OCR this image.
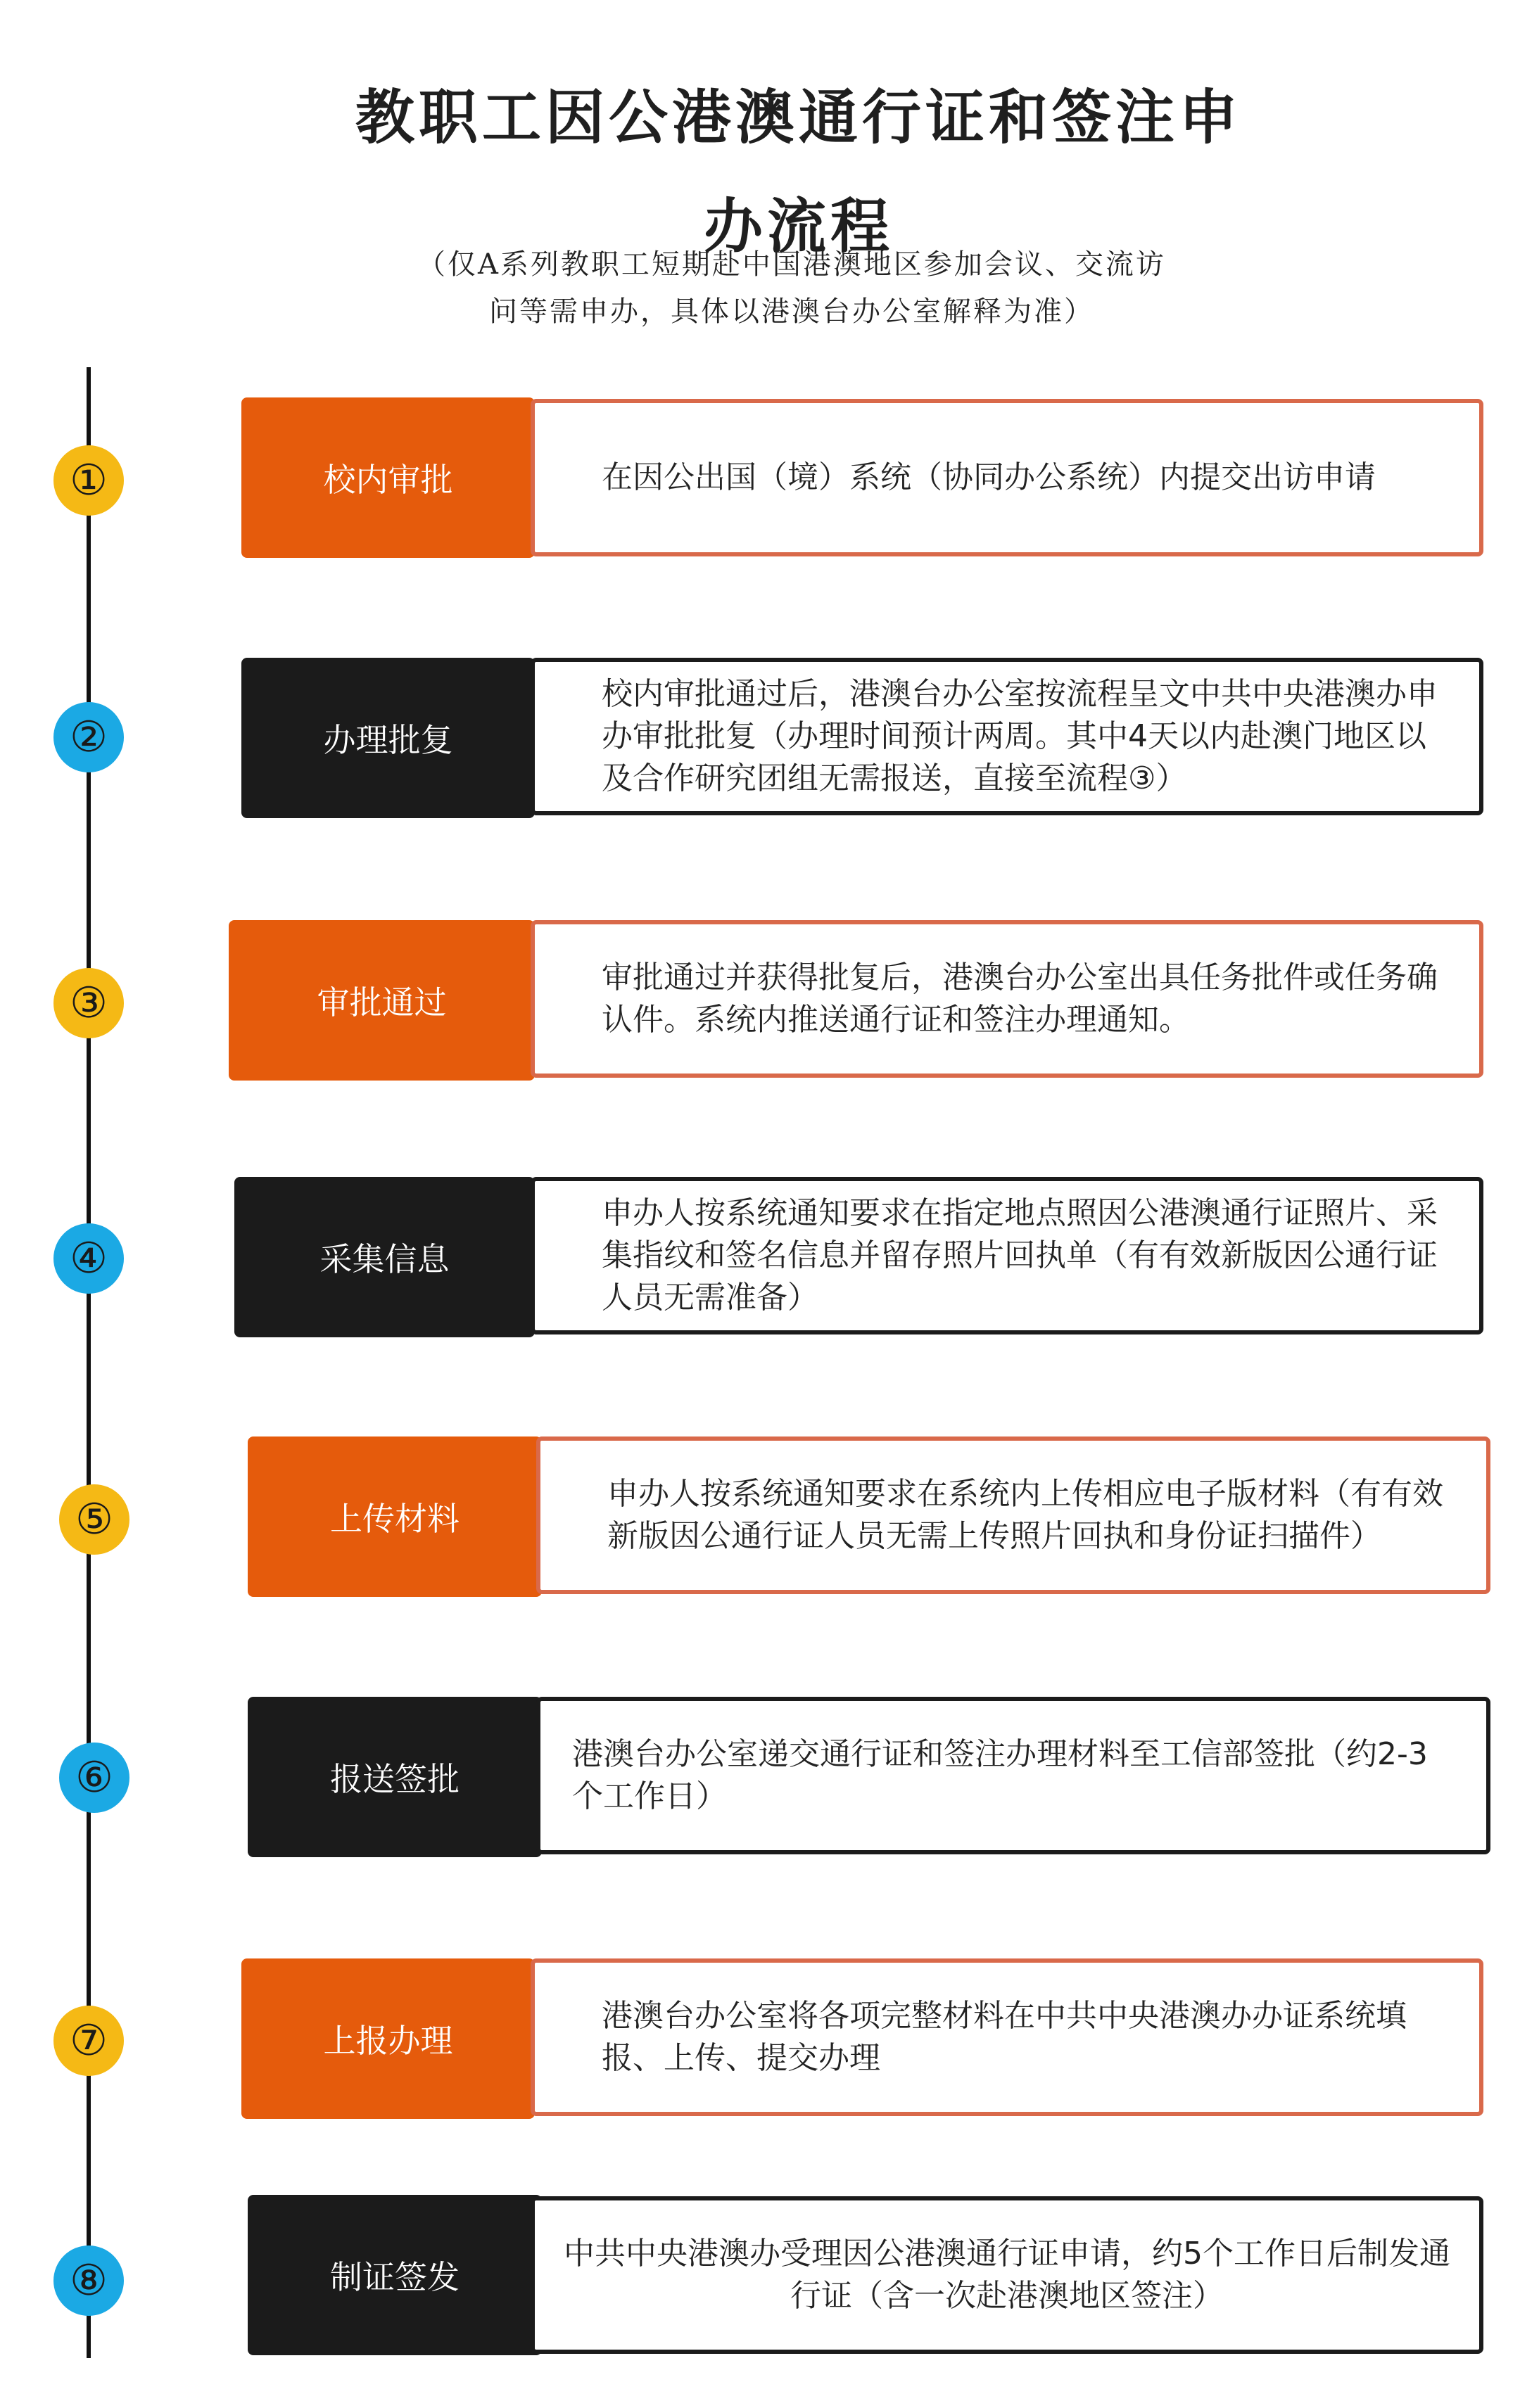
教职工因公港澳通行证和签注申
办流程
（仅A系列教职工短期赴中国港澳地区参加会议、交流访
问等需申办，具体以港澳台办公室解释为准）
①	校内审批	在因公出国（境）系统（协同办公系统）内提交出访申请
②	办理批复
校内审批通过后，港澳台办公室按流程呈文中共中央港澳办申办审批批复（办理时间预计两周。其中4天以内赴澳门地区以及合作研究团组无需报送，直接至流程③）
③	审批通过
审批通过并获得批复后，港澳台办公室出具任务批件或任务确认件。系统内推送通行证和签注办理通知。
④	采集信息
申办人按系统通知要求在指定地点照因公港澳通行证照片、采集指纹和签名信息并留存照片回执单（有有效新版因公通行证人员无需准备）
⑤	上传材料
申办人按系统通知要求在系统内上传相应电子版材料（有有效新版因公通行证人员无需上传照片回执和身份证扫描件）
⑥	报送签批
港澳台办公室递交通行证和签注办理材料至工信部签批（约2-3个工作日）
⑦	上报办理
港澳台办公室将各项完整材料在中共中央港澳办办证系统填报、上传、提交办理
⑧	制证签发
中共中央港澳办受理因公港澳通行证申请，约5个工作日后制发通行证（含一次赴港澳地区签注）
